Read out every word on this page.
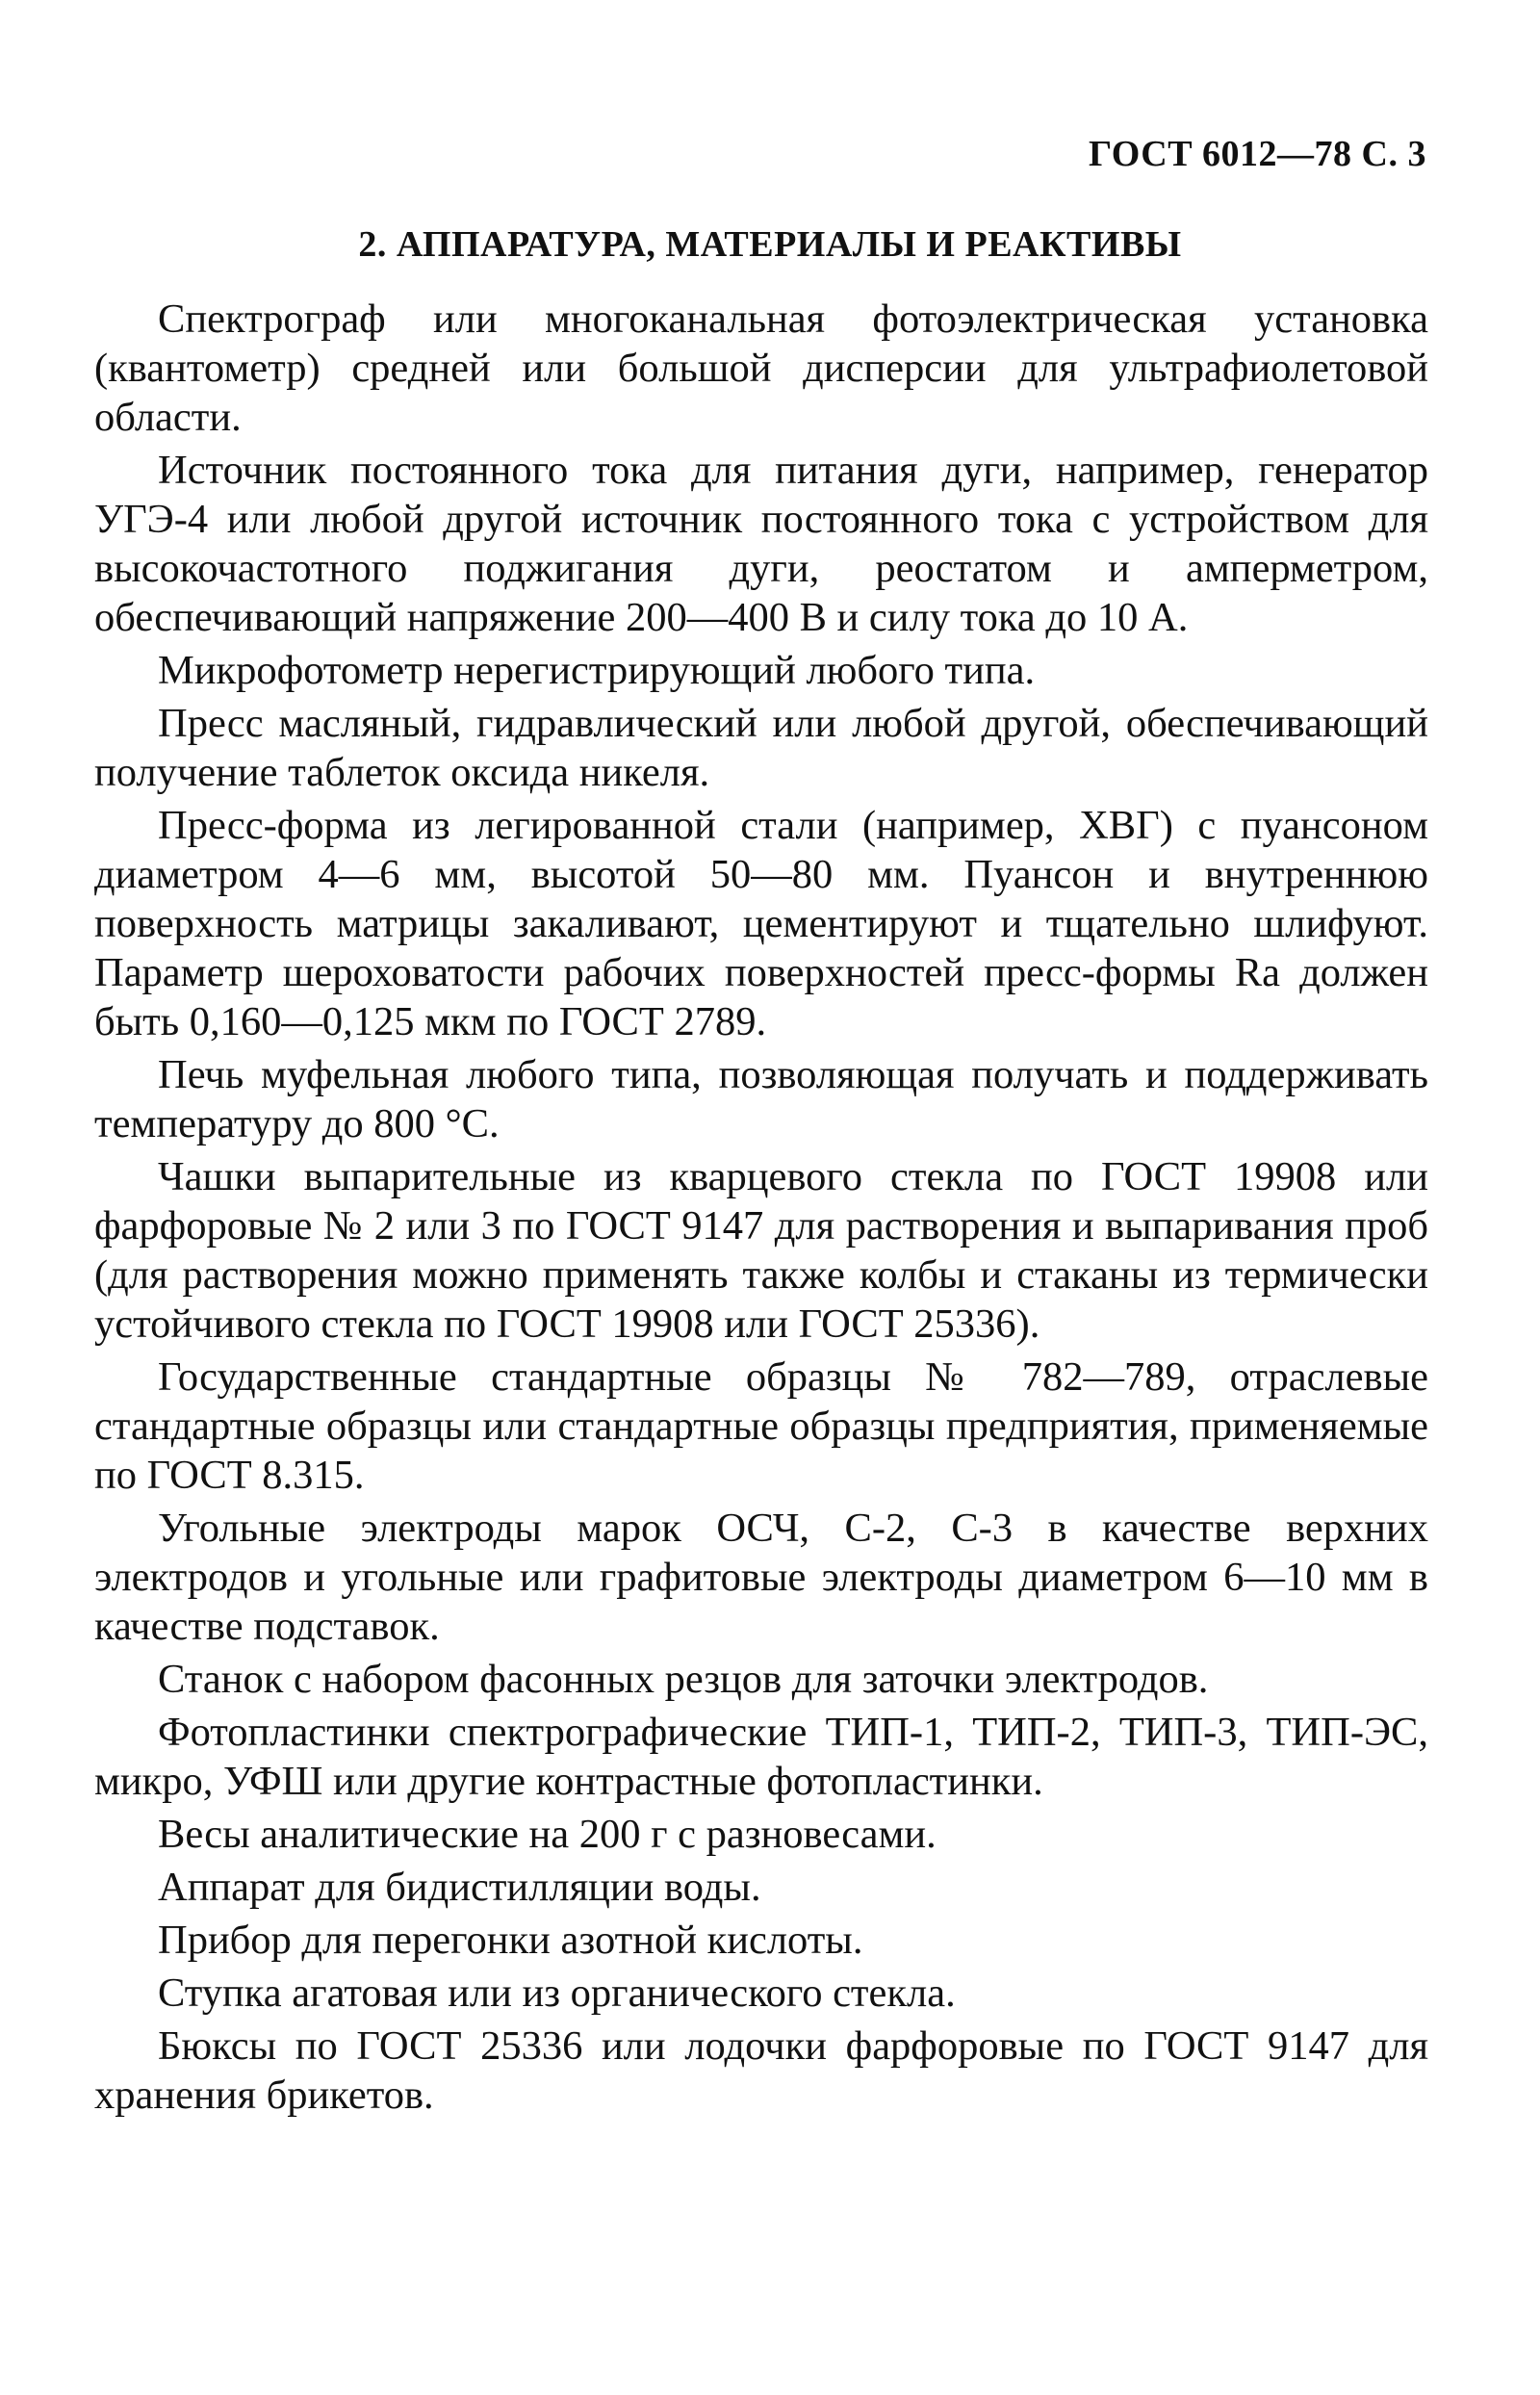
ГОСТ 6012—78 С. 3
2. АППАРАТУРА, МАТЕРИАЛЫ И РЕАКТИВЫ

Спектрограф или многоканальная фотоэлектрическая установка (квантометр) средней или большой дисперсии для ультрафиолетовой области.

Источник постоянного тока для питания дуги, например, генератор УГЭ-4 или любой другой источник постоянного тока с устройством для высокочастотного поджигания дуги, реостатом и амперметром, обеспечивающий напряжение 200—400 В и силу тока до 10 А.

Микрофотометр нерегистрирующий любого типа.

Пресс масляный, гидравлический или любой другой, обеспечивающий получение таблеток оксида никеля.

Пресс-форма из легированной стали (например, ХВГ) с пуансоном диаметром 4—6 мм, высотой 50—80 мм. Пуансон и внутреннюю поверхность матрицы закаливают, цементируют и тщательно шлифуют. Параметр шероховатости рабочих поверхностей пресс-формы Ra должен быть 0,160—0,125 мкм по ГОСТ 2789.

Печь муфельная любого типа, позволяющая получать и поддерживать температуру до 800 °С.

Чашки выпарительные из кварцевого стекла по ГОСТ 19908 или фарфоровые № 2 или 3 по ГОСТ 9147 для растворения и выпаривания проб (для растворения можно применять также колбы и стаканы из термически устойчивого стекла по ГОСТ 19908 или ГОСТ 25336).

Государственные стандартные образцы № 782—789, отраслевые стандартные образцы или стандартные образцы предприятия, применяемые по ГОСТ 8.315.

Угольные электроды марок ОСЧ, С-2, С-3 в качестве верхних электродов и угольные или графитовые электроды диаметром 6—10 мм в качестве подставок.

Станок с набором фасонных резцов для заточки электродов.

Фотопластинки спектрографические ТИП-1, ТИП-2, ТИП-3, ТИП-ЭС, микро, УФШ или другие контрастные фотопластинки.

Весы аналитические на 200 г с разновесами.

Аппарат для бидистилляции воды.

Прибор для перегонки азотной кислоты.

Ступка агатовая или из органического стекла.

Бюксы по ГОСТ 25336 или лодочки фарфоровые по ГОСТ 9147 для хранения брикетов.
